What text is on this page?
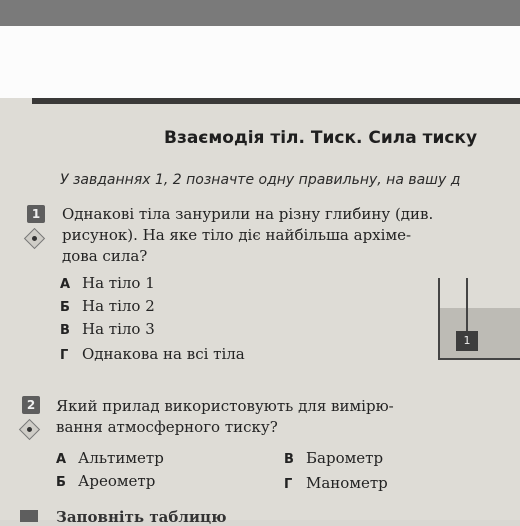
Взаємодія тіл. Тиск. Сила тиску
У завданнях 1, 2 позначте одну правильну, на вашу д
1	Однакові тіла занурили на різну глибину (див.
рисунок). На яке тіло діє найбільша архіме-
дова сила?
А На тіло 1
Б На тіло 2
В На тіло 3
Г Однакова на всі тіла
1
2	Який прилад використовують для вимірю-
вання атмосферного тиску?
А Альтиметр	В Барометр
Б Ареометр	Г Манометр
Заповніть таблицю
